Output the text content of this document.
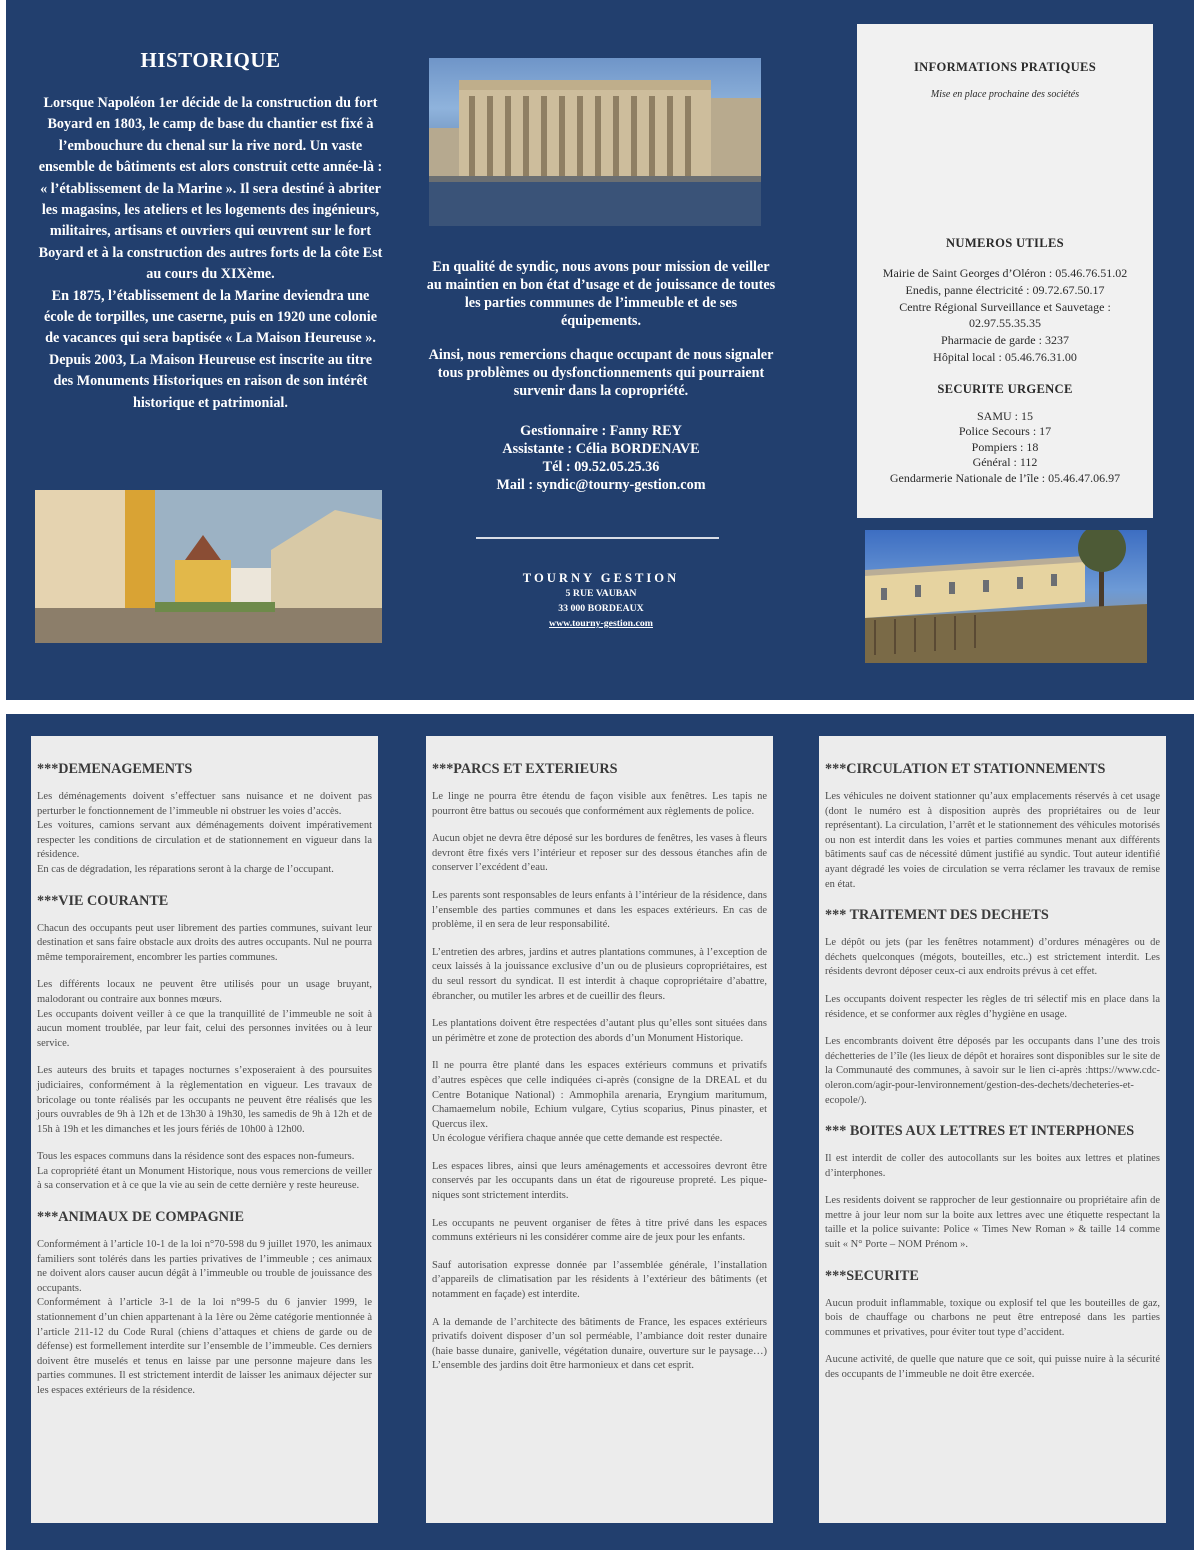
HISTORIQUE

Lorsque Napoléon 1er décide de la construction du fort Boyard en 1803, le camp de base du chantier est fixé à l’embouchure du chenal sur la rive nord. Un vaste ensemble de bâtiments est alors construit cette année-là : « l’établissement de la Marine ». Il sera destiné à abriter les magasins, les ateliers et les logements des ingénieurs, militaires, artisans et ouvriers qui œuvrent sur le fort Boyard et à la construction des autres forts de la côte Est au cours du XIXème.

En 1875, l’établissement de la Marine deviendra une école de torpilles, une caserne, puis en 1920 une colonie de vacances qui sera baptisée « La Maison Heureuse ».

Depuis 2003, La Maison Heureuse est inscrite au titre des Monuments Historiques en raison de son intérêt historique et patrimonial.

En qualité de syndic, nous avons pour mission de veiller au maintien en bon état d’usage et de jouissance de toutes les parties communes de l’immeuble et de ses équipements.
Ainsi, nous remercions chaque occupant de nous signaler tous problèmes ou dysfonctionnements qui pourraient survenir dans la copropriété.
Gestionnaire : Fanny REY
Assistante : Célia BORDENAVE
Tél : 09.52.05.25.36
Mail : syndic@tourny-gestion.com
TOURNY GESTION
5 RUE VAUBAN
33 000 BORDEAUX
www.tourny-gestion.com
INFORMATIONS PRATIQUES
Mise en place prochaine des sociétés
NUMEROS UTILES
Mairie de Saint Georges d’Oléron : 05.46.76.51.02
Enedis, panne électricité : 09.72.67.50.17
Centre Régional Surveillance et Sauvetage :
02.97.55.35.35
Pharmacie de garde : 3237
Hôpital local : 05.46.76.31.00
SECURITE URGENCE
SAMU : 15
Police Secours : 17
Pompiers : 18
Général : 112
Gendarmerie Nationale de l’île : 05.46.47.06.97
***DEMENAGEMENTS

Les déménagements doivent s’effectuer sans nuisance et ne doivent pas perturber le fonctionnement de l’immeuble ni obstruer les voies d’accès.

Les voitures, camions servant aux déménagements doivent impérativement respecter les conditions de circulation et de stationnement en vigueur dans la résidence.

En cas de dégradation, les réparations seront à la charge de l’occupant.

***VIE COURANTE

Chacun des occupants peut user librement des parties communes, suivant leur destination et sans faire obstacle aux droits des autres occupants. Nul ne pourra même temporairement, encombrer les parties communes.

Les différents locaux ne peuvent être utilisés pour un usage bruyant, malodorant ou contraire aux bonnes mœurs.

Les occupants doivent veiller à ce que la tranquillité de l’immeuble ne soit à aucun moment troublée, par leur fait, celui des personnes invitées ou à leur service.

Les auteurs des bruits et tapages nocturnes s’exposeraient à des poursuites judiciaires, conformément à la règlementation en vigueur. Les travaux de bricolage ou tonte réalisés par les occupants ne peuvent être réalisés que les jours ouvrables de 9h à 12h et de 13h30 à 19h30, les samedis de 9h à 12h et de 15h à 19h et les dimanches et les jours fériés de 10h00 à 12h00.

Tous les espaces communs dans la résidence sont des espaces non-fumeurs.

La copropriété étant un Monument Historique, nous vous remercions de veiller à sa conservation et à ce que la vie au sein de cette dernière y reste heureuse.

***ANIMAUX DE COMPAGNIE

Conformément à l’article 10-1 de la loi n°70-598 du 9 juillet 1970, les animaux familiers sont tolérés dans les parties privatives de l’immeuble ; ces animaux ne doivent alors causer aucun dégât à l’immeuble ou trouble de jouissance des occupants.

Conformément à l’article 3-1 de la loi n°99-5 du 6 janvier 1999, le stationnement d’un chien appartenant à la 1ère ou 2ème catégorie mentionnée à l’article 211-12 du Code Rural (chiens d’attaques et chiens de garde ou de défense) est formellement interdite sur l’ensemble de l’immeuble. Ces derniers doivent être muselés et tenus en laisse par une personne majeure dans les parties communes. Il est strictement interdit de laisser les animaux déjecter sur les espaces extérieurs de la résidence.

***PARCS ET EXTERIEURS

Le linge ne pourra être étendu de façon visible aux fenêtres. Les tapis ne pourront être battus ou secoués que conformément aux règlements de police.

Aucun objet ne devra être déposé sur les bordures de fenêtres, les vases à fleurs devront être fixés vers l’intérieur et reposer sur des dessous étanches afin de conserver l’excédent d’eau.

Les parents sont responsables de leurs enfants à l’intérieur de la résidence, dans l’ensemble des parties communes et dans les espaces extérieurs. En cas de problème, il en sera de leur responsabilité.

L’entretien des arbres, jardins et autres plantations communes, à l’exception de ceux laissés à la jouissance exclusive d’un ou de plusieurs copropriétaires, est du seul ressort du syndicat. Il est interdit à chaque copropriétaire d’abattre, ébrancher, ou mutiler les arbres et de cueillir des fleurs.

Les plantations doivent être respectées d’autant plus qu’elles sont situées dans un périmètre et zone de protection des abords d’un Monument Historique.

Il ne pourra être planté dans les espaces extérieurs communs et privatifs d’autres espèces que celle indiquées ci-après (consigne de la DREAL et du Centre Botanique National) : Ammophila arenaria, Eryngium maritumum, Chamaemelum nobile, Echium vulgare, Cytius scoparius, Pinus pinaster, et Quercus ilex.

Un écologue vérifiera chaque année que cette demande est respectée.

Les espaces libres, ainsi que leurs aménagements et accessoires devront être conservés par les occupants dans un état de rigoureuse propreté. Les pique-niques sont strictement interdits.

Les occupants ne peuvent organiser de fêtes à titre privé dans les espaces communs extérieurs ni les considérer comme aire de jeux pour les enfants.

Sauf autorisation expresse donnée par l’assemblée générale, l’installation d’appareils de climatisation par les résidents à l’extérieur des bâtiments (et notamment en façade) est interdite.

A la demande de l’architecte des bâtiments de France, les espaces extérieurs privatifs doivent disposer d’un sol perméable, l’ambiance doit rester dunaire (haie basse dunaire, ganivelle, végétation dunaire, ouverture sur le paysage…) L’ensemble des jardins doit être harmonieux et dans cet esprit.

***CIRCULATION ET STATIONNEMENTS

Les véhicules ne doivent stationner qu’aux emplacements réservés à cet usage (dont le numéro est à disposition auprès des propriétaires ou de leur représentant). La circulation, l’arrêt et le stationnement des véhicules motorisés ou non est interdit dans les voies et parties communes menant aux différents bâtiments sauf cas de nécessité dûment justifié au syndic. Tout auteur identifié ayant dégradé les voies de circulation se verra réclamer les travaux de remise en état.

*** TRAITEMENT DES DECHETS

Le dépôt ou jets (par les fenêtres notamment) d’ordures ménagères ou de déchets quelconques (mégots, bouteilles, etc..) est strictement interdit. Les résidents devront déposer ceux-ci aux endroits prévus à cet effet.

Les occupants doivent respecter les règles de tri sélectif mis en place dans la résidence, et se conformer aux règles d’hygiène en usage.

Les encombrants doivent être déposés par les occupants dans l’une des trois déchetteries de l’île (les lieux de dépôt et horaires sont disponibles sur le site de la Communauté des communes, à savoir sur le lien ci-après :https://www.cdc-oleron.com/agir-pour-lenvironnement/gestion-des-dechets/decheteries-et-ecopole/).

*** BOITES AUX LETTRES ET INTERPHONES

Il est interdit de coller des autocollants sur les boites aux lettres et platines d’interphones.

Les residents doivent se rapprocher de leur gestionnaire ou propriétaire afin de mettre à jour leur nom sur la boite aux lettres avec une étiquette respectant la taille et la police suivante: Police « Times New Roman » & taille 14 comme suit « N° Porte – NOM Prénom ».

***SECURITE

Aucun produit inflammable, toxique ou explosif tel que les bouteilles de gaz, bois de chauffage ou charbons ne peut être entreposé dans les parties communes et privatives, pour éviter tout type d’accident.

Aucune activité, de quelle que nature que ce soit, qui puisse nuire à la sécurité des occupants de l’immeuble ne doit être exercée.
